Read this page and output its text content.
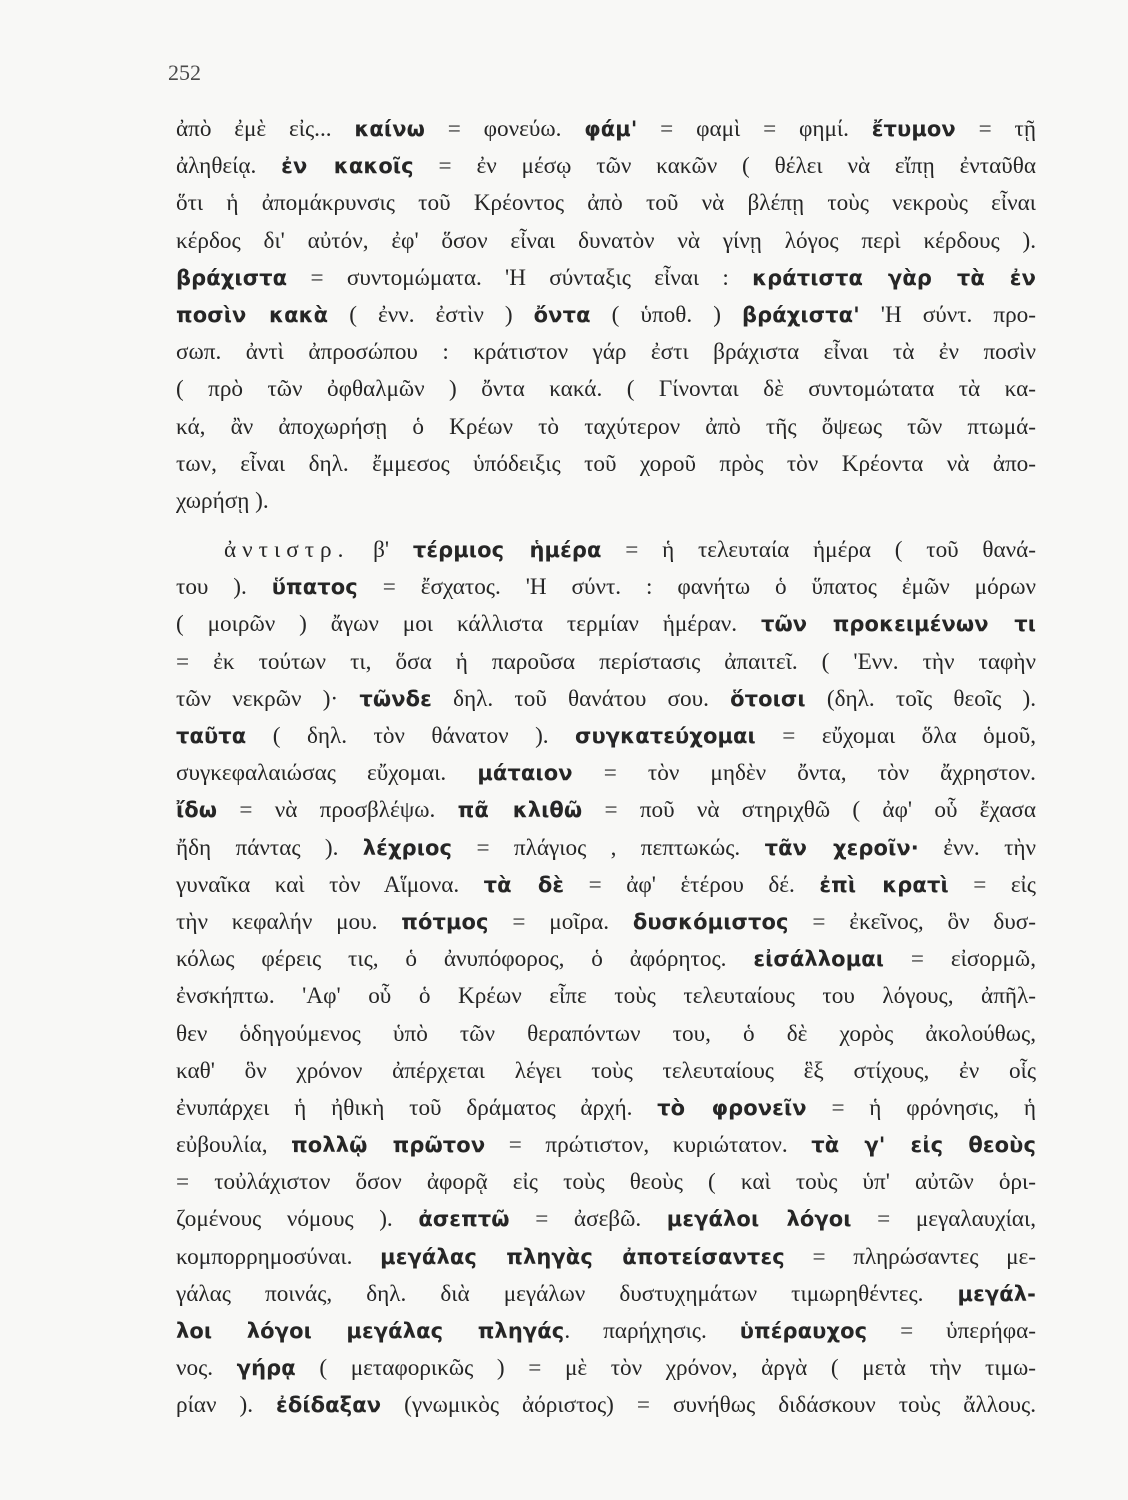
252
ἀπὸ ἐμὲ εἰς... καίνω = φονεύω. φάμ' = φαμὶ = φημί. ἔτυμον = τῇ
ἀληθείᾳ. ἐν κακοῖς = ἐν μέσῳ τῶν κακῶν ( θέλει νὰ εἴπῃ ἐνταῦθα
ὅτι ἡ ἀπομάκρυνσις τοῦ Κρέοντος ἀπὸ τοῦ νὰ βλέπῃ τοὺς νεκροὺς εἶναι
κέρδος δι' αὐτόν, ἐφ' ὅσον εἶναι δυνατὸν νὰ γίνῃ λόγος περὶ κέρδους ).
βράχιστα = συντομώματα. 'Η σύνταξις εἶναι : κράτιστα γὰρ τὰ ἐν
ποσὶν κακὰ ( ἐνν. ἐστὶν ) ὄντα ( ὑποθ. ) βράχιστα' 'Η σύντ. προ-
σωπ. ἀντὶ ἀπροσώπου : κράτιστον γάρ ἐστι βράχιστα εἶναι τὰ ἐν ποσὶν
( πρὸ τῶν ὀφθαλμῶν ) ὄντα κακά. ( Γίνονται δὲ συντομώτατα τὰ κα-
κά, ἂν ἀποχωρήσῃ ὁ Κρέων τὸ ταχύτερον ἀπὸ τῆς ὄψεως τῶν πτωμά-
των, εἶναι δηλ. ἔμμεσος ὑπόδειξις τοῦ χοροῦ πρὸς τὸν Κρέοντα νὰ ἀπο-
χωρήσῃ ).
ἀντιστρ. β' τέρμιος ἡμέρα = ἡ τελευταία ἡμέρα ( τοῦ θανά-
του ). ὕπατος = ἔσχατος. 'Η σύντ. : φανήτω ὁ ὕπατος ἐμῶν μόρων
( μοιρῶν ) ἄγων μοι κάλλιστα τερμίαν ἡμέραν. τῶν προκειμένων τι
= ἐκ τούτων τι, ὅσα ἡ παροῦσα περίστασις ἀπαιτεῖ. ( 'Ενν. τὴν ταφὴν
τῶν νεκρῶν )· τῶνδε δηλ. τοῦ θανάτου σου. ὅτοισι (δηλ. τοῖς θεοῖς ).
ταῦτα ( δηλ. τὸν θάνατον ). συγκατεύχομαι = εὔχομαι ὅλα ὁμοῦ,
συγκεφαλαιώσας εὔχομαι. μάταιον = τὸν μηδὲν ὄντα, τὸν ἄχρηστον.
ἴδω = νὰ προσβλέψω. πᾶ κλιθῶ = ποῦ νὰ στηριχθῶ ( ἀφ' οὗ ἔχασα
ἤδη πάντας ). λέχριος = πλάγιος , πεπτωκώς. τᾶν χεροῖν· ἐνν. τὴν
γυναῖκα καὶ τὸν Αἵμονα. τὰ δὲ = ἀφ' ἑτέρου δέ. ἐπὶ κρατὶ = εἰς
τὴν κεφαλήν μου. πότμος = μοῖρα. δυσκόμιστος = ἐκεῖνος, ὃν δυσ-
κόλως φέρεις τις, ὁ ἀνυπόφορος, ὁ ἀφόρητος. εἰσάλλομαι = εἰσορμῶ,
ἐνσκήπτω. 'Αφ' οὗ ὁ Κρέων εἶπε τοὺς τελευταίους του λόγους, ἀπῆλ-
θεν ὁδηγούμενος ὑπὸ τῶν θεραπόντων του, ὁ δὲ χορὸς ἀκολούθως,
καθ' ὃν χρόνον ἀπέρχεται λέγει τοὺς τελευταίους ἓξ στίχους, ἐν οἷς
ἐνυπάρχει ἡ ἠθικὴ τοῦ δράματος ἀρχή. τὸ φρονεῖν = ἡ φρόνησις, ἡ
εὐβουλία, πολλῷ πρῶτον = πρώτιστον, κυριώτατον. τὰ γ' εἰς θεοὺς
= τοὐλάχιστον ὅσον ἀφορᾷ εἰς τοὺς θεοὺς ( καὶ τοὺς ὑπ' αὐτῶν ὁρι-
ζομένους νόμους ). ἀσεπτῶ = ἀσεβῶ. μεγάλοι λόγοι = μεγαλαυχίαι,
κομπορρημοσύναι. μεγάλας πληγὰς ἀποτείσαντες = πληρώσαντες με-
γάλας ποινάς, δηλ. διὰ μεγάλων δυστυχημάτων τιμωρηθέντες. μεγάλ-
λοι λόγοι μεγάλας πληγάς. παρήχησις. ὑπέραυχος = ὑπερήφα-
νος. γήρᾳ ( μεταφορικῶς ) = μὲ τὸν χρόνον, ἀργὰ ( μετὰ τὴν τιμω-
ρίαν ). ἐδίδαξαν (γνωμικὸς ἀόριστος) = συνήθως διδάσκουν τοὺς ἄλλους.
